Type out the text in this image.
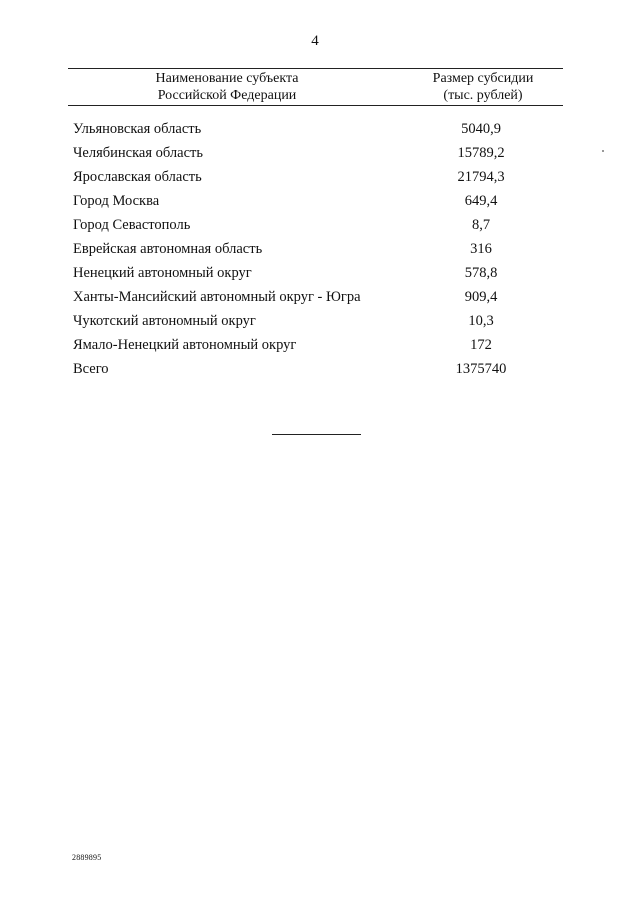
4
Наименование субъекта
Российской Федерации
Размер субсидии
(тыс. рублей)
Ульяновская область	5040,9
Челябинская область	15789,2
Ярославская область	21794,3
Город Москва	649,4
Город Севастополь	8,7
Еврейская автономная область	316
Ненецкий автономный округ	578,8
Ханты-Мансийский автономный округ - Югра	909,4
Чукотский автономный округ	10,3
Ямало-Ненецкий автономный округ	172
Всего	1375740
2889895
